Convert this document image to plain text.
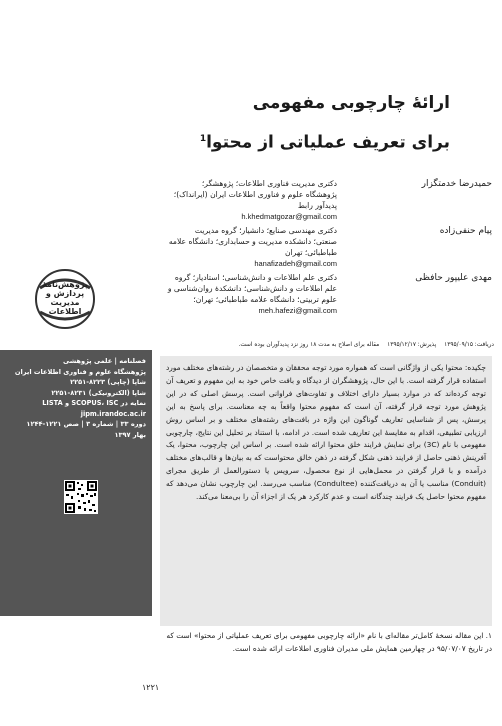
ارائۀ چارچوبی مفهومی
برای تعریف عملیاتی از محتوا$^1$
حمیدرضا خدمتگزار
دکتری مدیریت فناوری اطلاعات؛ پژوهشگر؛
پژوهشگاه علوم و فناوری اطلاعات ایران (ایرانداک)؛
پدیدآور رابط
h.khedmatgozar@gmail.com
پیام حنفی‌زاده
دکتری مهندسی صنایع؛ دانشیار؛ گروه مدیریت
صنعتی؛ دانشکده مدیریت و حسابداری؛ دانشگاه علامه
طباطبائی؛ تهران
hanafizadeh@gmail.com
مهدی علیپور حافظی
دکتری علم اطلاعات و دانش‌شناسی؛ استادیار؛ گروه
علم اطلاعات و دانش‌شناسی؛ دانشکدۀ روان‌شناسی و
علوم تربیتی؛ دانشگاه علامه طباطبائی؛ تهران؛
meh.hafezi@gmail.com
پژوهش‌نامۀ
پردازش و
مدیریت
اطلاعات
دریافت: ۱۳۹۵/۰۹/۱۵ پذیرش: ۱۳۹۵/۱۲/۱۷ مقاله برای اصلاح به مدت ۱۸ روز نزد پدیدآوران بوده است.
فصلنامه | علمی پژوهشی
پژوهشگاه علوم و فناوری اطلاعات ایران
شاپا (چاپی) ۸۲۲۳-۲۲۵۱
شاپا (الکترونیکی) ۸۲۳۱-۲۲۵۱
نمایه در SCOPUS، ISC و LISTA
jipm.irandoc.ac.ir
دوره ۳۳ | شماره ۳ | صص ۱۲۲۱-۱۲۴۴
بهار ۱۳۹۷
چکیده: محتوا یکی از واژگانی است که همواره مورد توجه محققان و متخصصان در رشته‌های مختلف مورد استفاده قرار گرفته است. با این حال، پژوهشگران از دیدگاه و بافت خاص خود به این مفهوم و تعریف آن توجه کرده‌اند که در موارد بسیار دارای اختلاف و تفاوت‌های فراوانی است. پرسش اصلی که در این پژوهش مورد توجه قرار گرفته، آن است که مفهوم محتوا واقعاً به چه معناست. برای پاسخ به این پرسش، پس از شناسایی تعاریف گوناگون این واژه در بافت‌های رشته‌های مختلف و بر اساس روش ارزیابی تطبیقی، اقدام به مقایسۀ این تعاریف شده است. در ادامه، با استناد بر تحلیل این نتایج، چارچوبی مفهومی با نام (3C) برای نمایش فرایند خلق محتوا ارائه شده است. بر اساس این چارچوب، محتوا، یک آفرینش ذهنی حاصل از فرایند ذهنی شکل گرفته در ذهن خالق محتواست که به بیان‌ها و قالب‌های مختلف درآمده و با قرار گرفتن در محمل‌هایی از نوع محصول، سرویس یا دستورالعمل از طریق مجرای (Conduit) مناسب یا آن به دریافت‌کننده (Condultee) مناسب می‌رسد. این چارچوب نشان می‌دهد که مفهوم محتوا حاصل یک فرایند چندگانه است و عدم کارکرد هر یک از اجزاء آن را بی‌معنا می‌کند.
۱. این مقاله نسخۀ کامل‌تر مقاله‌ای با نام «ارائه چارچوبی مفهومی برای تعریف عملیاتی از محتوا» است که در تاریخ ۹۵/۰۷/۰۷ در چهارمین همایش ملی مدیران فناوری اطلاعات ارائه شده است.
۱۲۲۱
